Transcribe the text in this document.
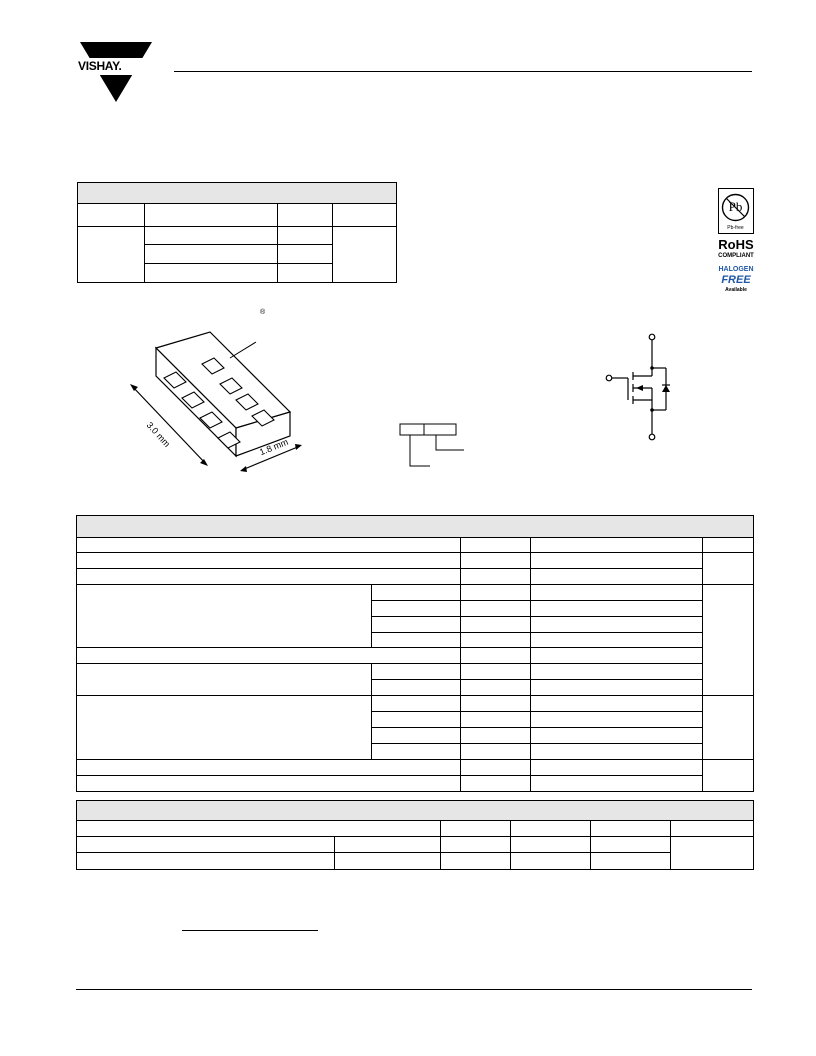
VISHAY.

Pb
Pb-free
RoHS
COMPLIANT
HALOGEN
FREE
Available
®
3.0 mm	1.8 mm
